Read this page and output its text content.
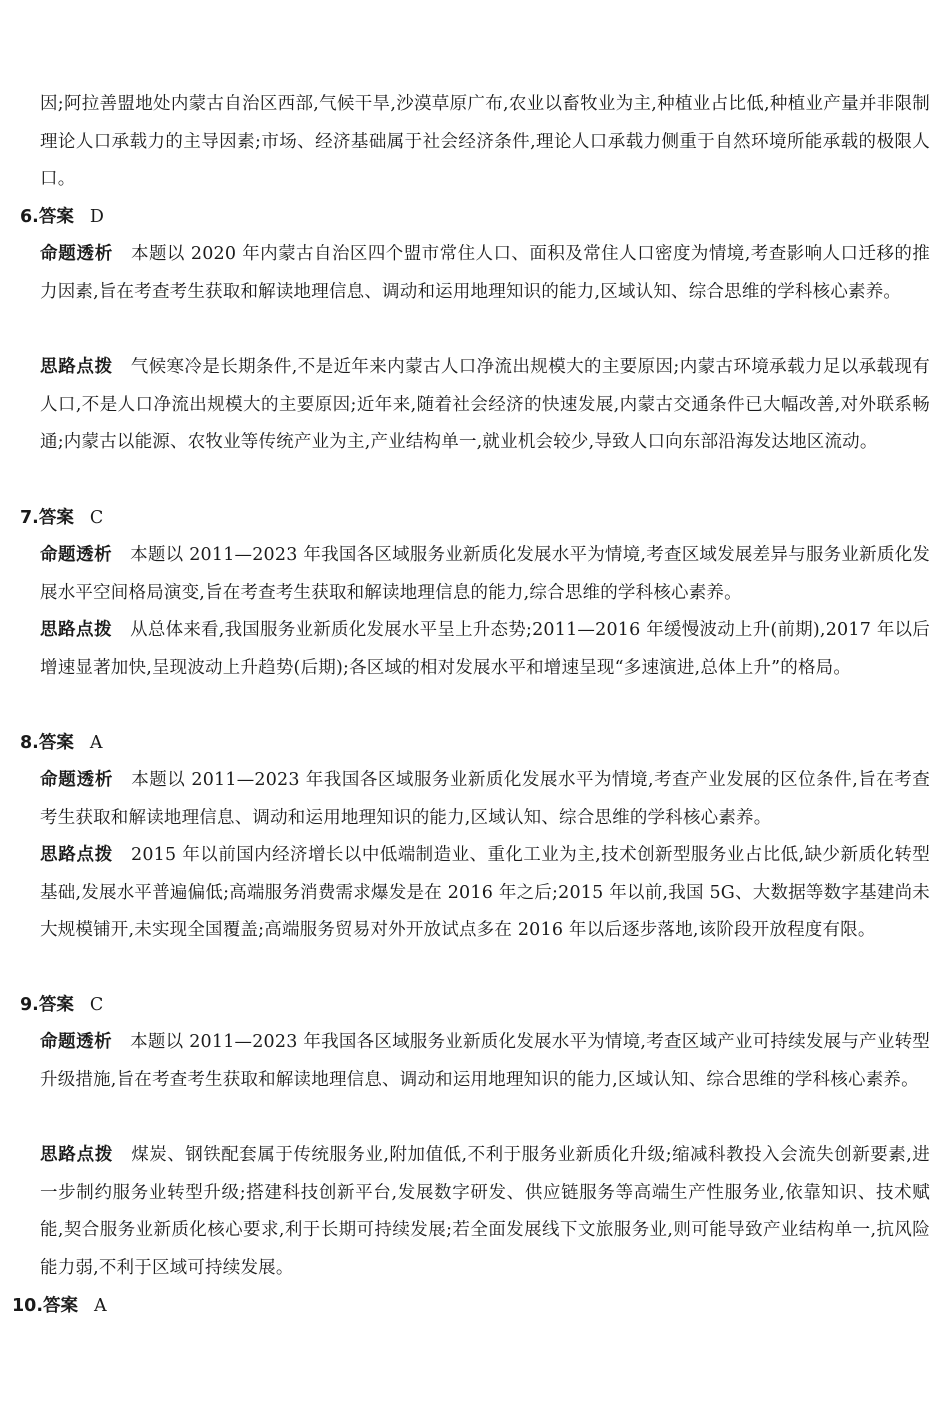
因;阿拉善盟地处内蒙古自治区西部,气候干旱,沙漠草原广布,农业以畜牧业为主,种植业占比低,种植业产量并非限制理论人口承载力的主导因素;市场、经济基础属于社会经济条件,理论人口承载力侧重于自然环境所能承载的极限人口。
6.答案 D
命题透析 本题以 2020 年内蒙古自治区四个盟市常住人口、面积及常住人口密度为情境,考查影响人口迁移的推力因素,旨在考查考生获取和解读地理信息、调动和运用地理知识的能力,区域认知、综合思维的学科核心素养。
思路点拨 气候寒冷是长期条件,不是近年来内蒙古人口净流出规模大的主要原因;内蒙古环境承载力足以承载现有人口,不是人口净流出规模大的主要原因;近年来,随着社会经济的快速发展,内蒙古交通条件已大幅改善,对外联系畅通;内蒙古以能源、农牧业等传统产业为主,产业结构单一,就业机会较少,导致人口向东部沿海发达地区流动。
7.答案 C
命题透析 本题以 2011—2023 年我国各区域服务业新质化发展水平为情境,考查区域发展差异与服务业新质化发展水平空间格局演变,旨在考查考生获取和解读地理信息的能力,综合思维的学科核心素养。
思路点拨 从总体来看,我国服务业新质化发展水平呈上升态势;2011—2016 年缓慢波动上升(前期),2017 年以后增速显著加快,呈现波动上升趋势(后期);各区域的相对发展水平和增速呈现“多速演进,总体上升”的格局。
8.答案 A
命题透析 本题以 2011—2023 年我国各区域服务业新质化发展水平为情境,考查产业发展的区位条件,旨在考查考生获取和解读地理信息、调动和运用地理知识的能力,区域认知、综合思维的学科核心素养。
思路点拨 2015 年以前国内经济增长以中低端制造业、重化工业为主,技术创新型服务业占比低,缺少新质化转型基础,发展水平普遍偏低;高端服务消费需求爆发是在 2016 年之后;2015 年以前,我国 5G、大数据等数字基建尚未大规模铺开,未实现全国覆盖;高端服务贸易对外开放试点多在 2016 年以后逐步落地,该阶段开放程度有限。
9.答案 C
命题透析 本题以 2011—2023 年我国各区域服务业新质化发展水平为情境,考查区域产业可持续发展与产业转型升级措施,旨在考查考生获取和解读地理信息、调动和运用地理知识的能力,区域认知、综合思维的学科核心素养。
思路点拨 煤炭、钢铁配套属于传统服务业,附加值低,不利于服务业新质化升级;缩减科教投入会流失创新要素,进一步制约服务业转型升级;搭建科技创新平台,发展数字研发、供应链服务等高端生产性服务业,依靠知识、技术赋能,契合服务业新质化核心要求,利于长期可持续发展;若全面发展线下文旅服务业,则可能导致产业结构单一,抗风险能力弱,不利于区域可持续发展。
10.答案 A
